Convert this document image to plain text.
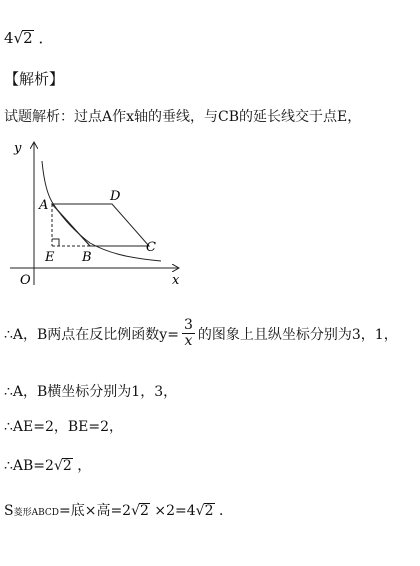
4√2 ．
【解析】
试题解析：过点A作x轴的垂线，与CB的延长线交于点E，
y
x
O
A
D
C
B
E
∴A，B两点在反比例函数$y= \frac{3}{x}$ 的图象上且纵坐标分别为3，1，
∴A，B横坐标分别为1，3，
∴AE=2，BE=2，
∴AB=2√2 ，
S菱形ABCD=底×高=2√2 ×2=4√2 ．
